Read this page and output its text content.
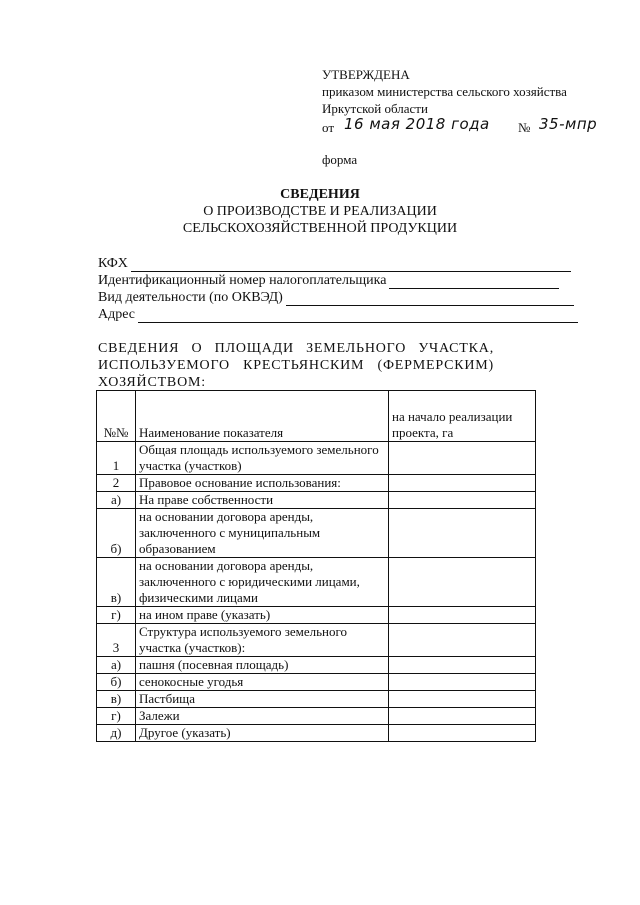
УТВЕРЖДЕНА
приказом министерства сельского хозяйства
Иркутской области
от 16 мая 2018 года № 35-мпр
форма
СВЕДЕНИЯ
О ПРОИЗВОДСТВЕ И РЕАЛИЗАЦИИ
СЕЛЬСКОХОЗЯЙСТВЕННОЙ ПРОДУКЦИИ
КФХ
Идентификационный номер налогоплательщика
Вид деятельности (по ОКВЭД)
Адрес
СВЕДЕНИЯ О ПЛОЩАДИ ЗЕМЕЛЬНОГО УЧАСТКА, ИСПОЛЬЗУЕМОГО КРЕСТЬЯНСКИМ (ФЕРМЕРСКИМ) ХОЗЯЙСТВОМ:
№№	Наименование показателя	на начало реализации проекта, га
1	Общая площадь используемого земельного участка (участков)	
2	Правовое основание использования:	
а)	На праве собственности	
б)	на основании договора аренды, заключенного с муниципальным образованием	
в)	на основании договора аренды, заключенного с юридическими лицами, физическими лицами	
г)	на ином праве (указать)	
3	Структура используемого земельного участка (участков):	
а)	пашня (посевная площадь)	
б)	сенокосные угодья	
в)	Пастбища	
г)	Залежи	
д)	Другое (указать)	
